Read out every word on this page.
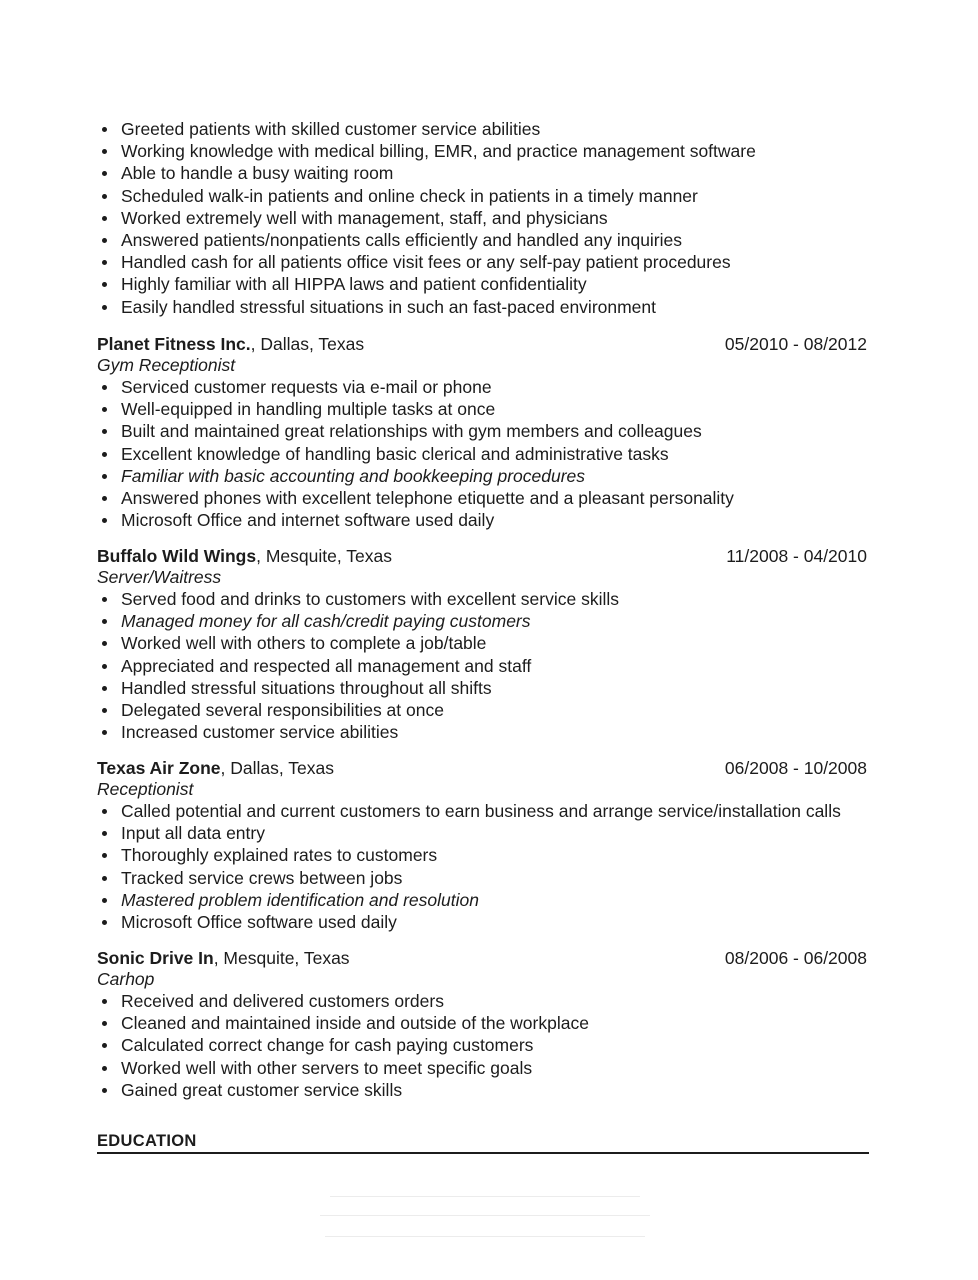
Greeted patients with skilled customer service abilities
Working knowledge with medical billing, EMR, and practice management software
Able to handle a busy waiting room
Scheduled walk-in patients and online check in patients in a timely manner
Worked extremely well with management, staff, and physicians
Answered patients/nonpatients calls efficiently and handled any inquiries
Handled cash for all patients office visit fees or any self-pay patient procedures
Highly familiar with all HIPPA laws and patient confidentiality
Easily handled stressful situations in such an fast-paced environment
Planet Fitness Inc., Dallas, Texas	05/2010 - 08/2012
Gym Receptionist
Serviced customer requests via e-mail or phone
Well-equipped in handling multiple tasks at once
Built and maintained great relationships with gym members and colleagues
Excellent knowledge of handling basic clerical and administrative tasks
Familiar with basic accounting and bookkeeping procedures
Answered phones with excellent telephone etiquette and a pleasant personality
Microsoft Office and internet software used daily
Buffalo Wild Wings, Mesquite, Texas	11/2008 - 04/2010
Server/Waitress
Served food and drinks to customers with excellent service skills
Managed money for all cash/credit paying customers
Worked well with others to complete a job/table
Appreciated and respected all management and staff
Handled stressful situations throughout all shifts
Delegated several responsibilities at once
Increased customer service abilities
Texas Air Zone, Dallas, Texas	06/2008 - 10/2008
Receptionist
Called potential and current customers to earn business and arrange service/installation calls
Input all data entry
Thoroughly explained rates to customers
Tracked service crews between jobs
Mastered problem identification and resolution
Microsoft Office software used daily
Sonic Drive In, Mesquite, Texas	08/2006 - 06/2008
Carhop
Received and delivered customers orders
Cleaned and maintained inside and outside of the workplace
Calculated correct change for cash paying customers
Worked well with other servers to meet specific goals
Gained great customer service skills
EDUCATION
